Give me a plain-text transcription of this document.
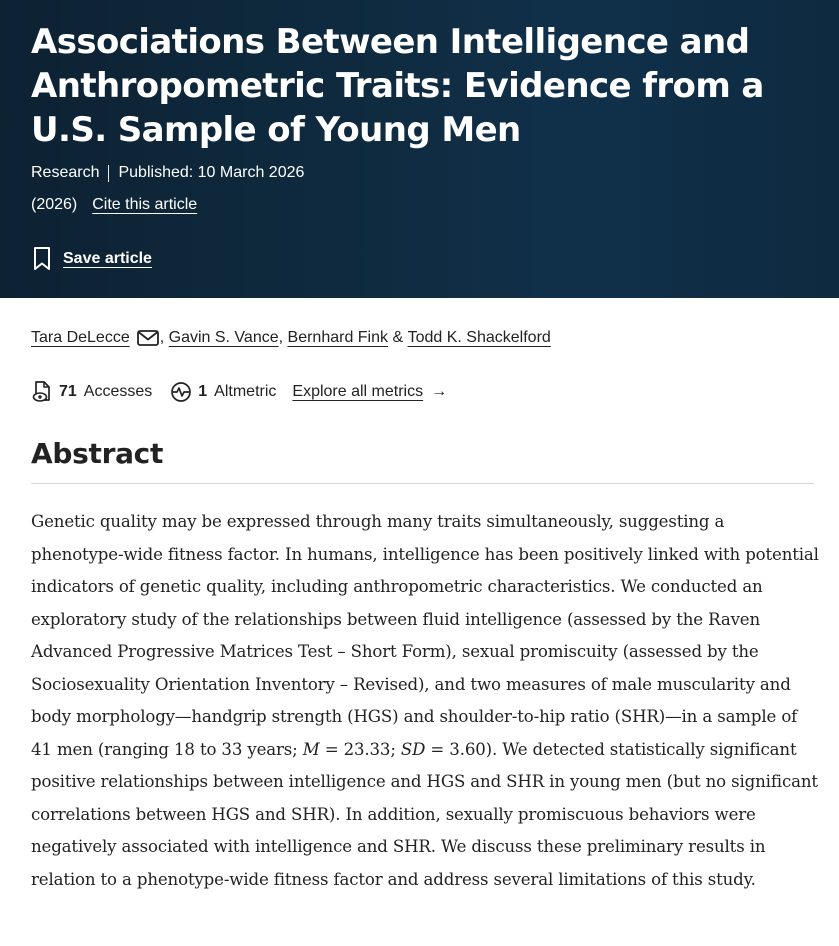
Associations Between Intelligence and Anthropometric Traits: Evidence from a U.S. Sample of Young Men
Research Published: 10 March 2026
(2026) Cite this article
Save article
Tara DeLecce ,
Gavin S. Vance ,
Bernhard Fink
&
Todd K. Shackelford
71 Accesses	1 Altmetric Explore all metrics →
Abstract

Genetic quality may be expressed through many traits simultaneously, suggesting a phenotype-wide fitness factor. In humans, intelligence has been positively linked with potential indicators of genetic quality, including anthropometric characteristics. We conducted an exploratory study of the relationships between fluid intelligence (assessed by the Raven Advanced Progressive Matrices Test – Short Form), sexual promiscuity (assessed by the Sociosexuality Orientation Inventory – Revised), and two measures of male muscularity and body morphology—handgrip strength (HGS) and shoulder-to-hip ratio (SHR)—in a sample of 41 men (ranging 18 to 33 years; M = 23.33; SD = 3.60). We detected statistically significant positive relationships between intelligence and HGS and SHR in young men (but no significant correlations between HGS and SHR). In addition, sexually promiscuous behaviors were negatively associated with intelligence and SHR. We discuss these preliminary results in relation to a phenotype-wide fitness factor and address several limitations of this study.
